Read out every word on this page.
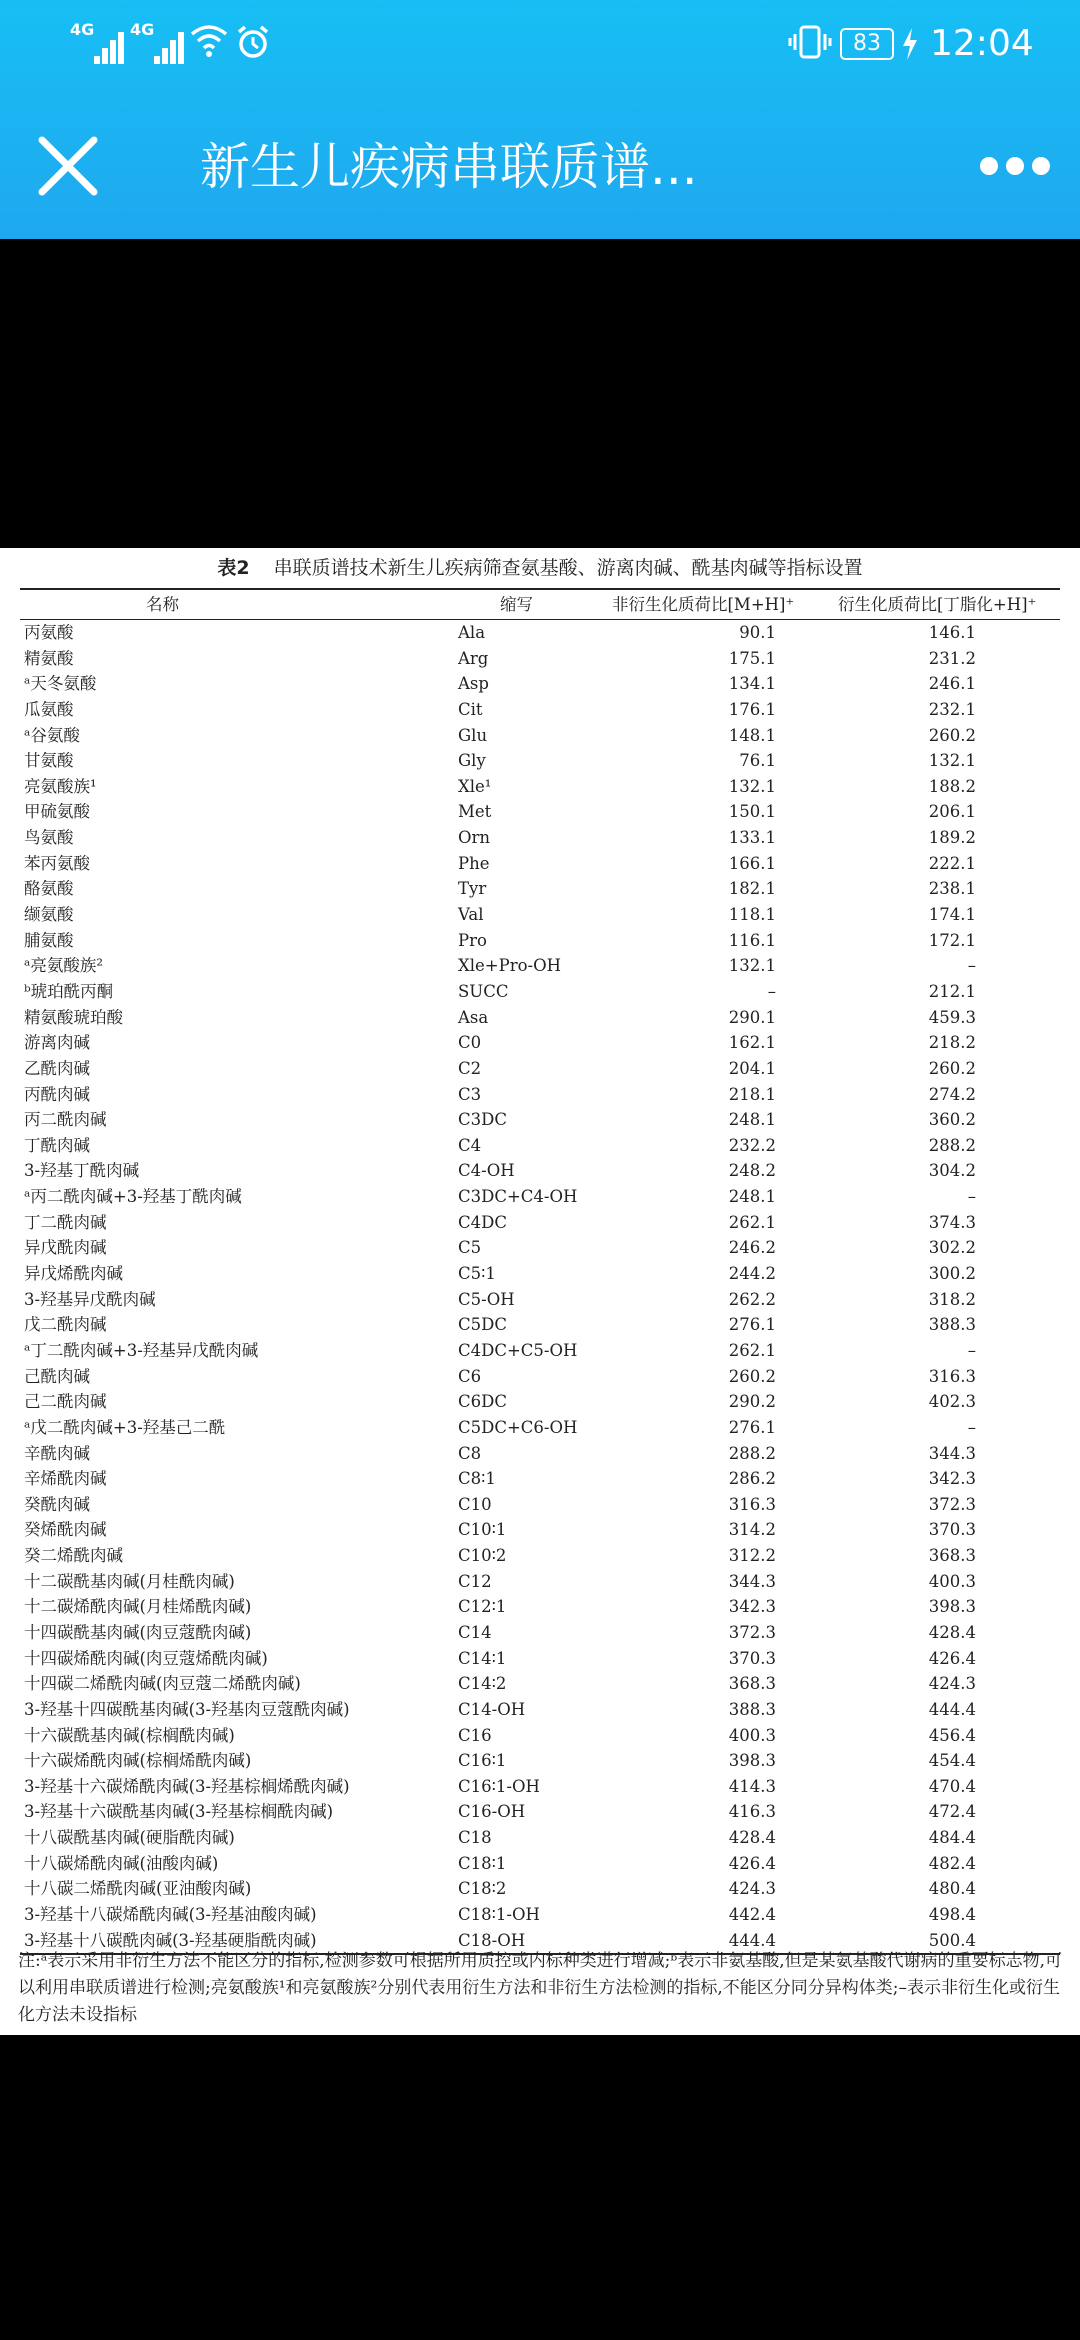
4G 4G
83	12:04
新生儿疾病串联质谱...
表2 串联质谱技术新生儿疾病筛查氨基酸、游离肉碱、酰基肉碱等指标设置
名称	缩写	非衍生化质荷比[M+H]⁺	衍生化质荷比[丁脂化+H]⁺
丙氨酸	Ala	90.1	146.1
精氨酸	Arg	175.1	231.2
ᵃ天冬氨酸	Asp	134.1	246.1
瓜氨酸	Cit	176.1	232.1
ᵃ谷氨酸	Glu	148.1	260.2
甘氨酸	Gly	76.1	132.1
亮氨酸族¹	Xle¹	132.1	188.2
甲硫氨酸	Met	150.1	206.1
鸟氨酸	Orn	133.1	189.2
苯丙氨酸	Phe	166.1	222.1
酪氨酸	Tyr	182.1	238.1
缬氨酸	Val	118.1	174.1
脯氨酸	Pro	116.1	172.1
ᵃ亮氨酸族²	Xle+Pro-OH	132.1	–
ᵇ琥珀酰丙酮	SUCC	–	212.1
精氨酸琥珀酸	Asa	290.1	459.3
游离肉碱	C0	162.1	218.2
乙酰肉碱	C2	204.1	260.2
丙酰肉碱	C3	218.1	274.2
丙二酰肉碱	C3DC	248.1	360.2
丁酰肉碱	C4	232.2	288.2
3-羟基丁酰肉碱	C4-OH	248.2	304.2
ᵃ丙二酰肉碱+3-羟基丁酰肉碱	C3DC+C4-OH	248.1	–
丁二酰肉碱	C4DC	262.1	374.3
异戊酰肉碱	C5	246.2	302.2
异戊烯酰肉碱	C5∶1	244.2	300.2
3-羟基异戊酰肉碱	C5-OH	262.2	318.2
戊二酰肉碱	C5DC	276.1	388.3
ᵃ丁二酰肉碱+3-羟基异戊酰肉碱	C4DC+C5-OH	262.1	–
己酰肉碱	C6	260.2	316.3
己二酰肉碱	C6DC	290.2	402.3
ᵃ戊二酰肉碱+3-羟基己二酰	C5DC+C6-OH	276.1	–
辛酰肉碱	C8	288.2	344.3
辛烯酰肉碱	C8∶1	286.2	342.3
癸酰肉碱	C10	316.3	372.3
癸烯酰肉碱	C10∶1	314.2	370.3
癸二烯酰肉碱	C10∶2	312.2	368.3
十二碳酰基肉碱(月桂酰肉碱)	C12	344.3	400.3
十二碳烯酰肉碱(月桂烯酰肉碱)	C12∶1	342.3	398.3
十四碳酰基肉碱(肉豆蔻酰肉碱)	C14	372.3	428.4
十四碳烯酰肉碱(肉豆蔻烯酰肉碱)	C14∶1	370.3	426.4
十四碳二烯酰肉碱(肉豆蔻二烯酰肉碱)	C14∶2	368.3	424.3
3-羟基十四碳酰基肉碱(3-羟基肉豆蔻酰肉碱)	C14-OH	388.3	444.4
十六碳酰基肉碱(棕榈酰肉碱)	C16	400.3	456.4
十六碳烯酰肉碱(棕榈烯酰肉碱)	C16∶1	398.3	454.4
3-羟基十六碳烯酰肉碱(3-羟基棕榈烯酰肉碱)	C16∶1-OH	414.3	470.4
3-羟基十六碳酰基肉碱(3-羟基棕榈酰肉碱)	C16-OH	416.3	472.4
十八碳酰基肉碱(硬脂酰肉碱)	C18	428.4	484.4
十八碳烯酰肉碱(油酸肉碱)	C18∶1	426.4	482.4
十八碳二烯酰肉碱(亚油酸肉碱)	C18∶2	424.3	480.4
3-羟基十八碳烯酰肉碱(3-羟基油酸肉碱)	C18∶1-OH	442.4	498.4
3-羟基十八碳酰肉碱(3-羟基硬脂酰肉碱)	C18-OH	444.4	500.4
注:ᵃ表示采用非衍生方法不能区分的指标,检测参数可根据所用质控或内标种类进行增减;ᵇ表示非氨基酸,但是某氨基酸代谢病的重要标志物,可以利用串联质谱进行检测;亮氨酸族¹和亮氨酸族²分别代表用衍生方法和非衍生方法检测的指标,不能区分同分异构体类;–表示非衍生化或衍生化方法未设指标
